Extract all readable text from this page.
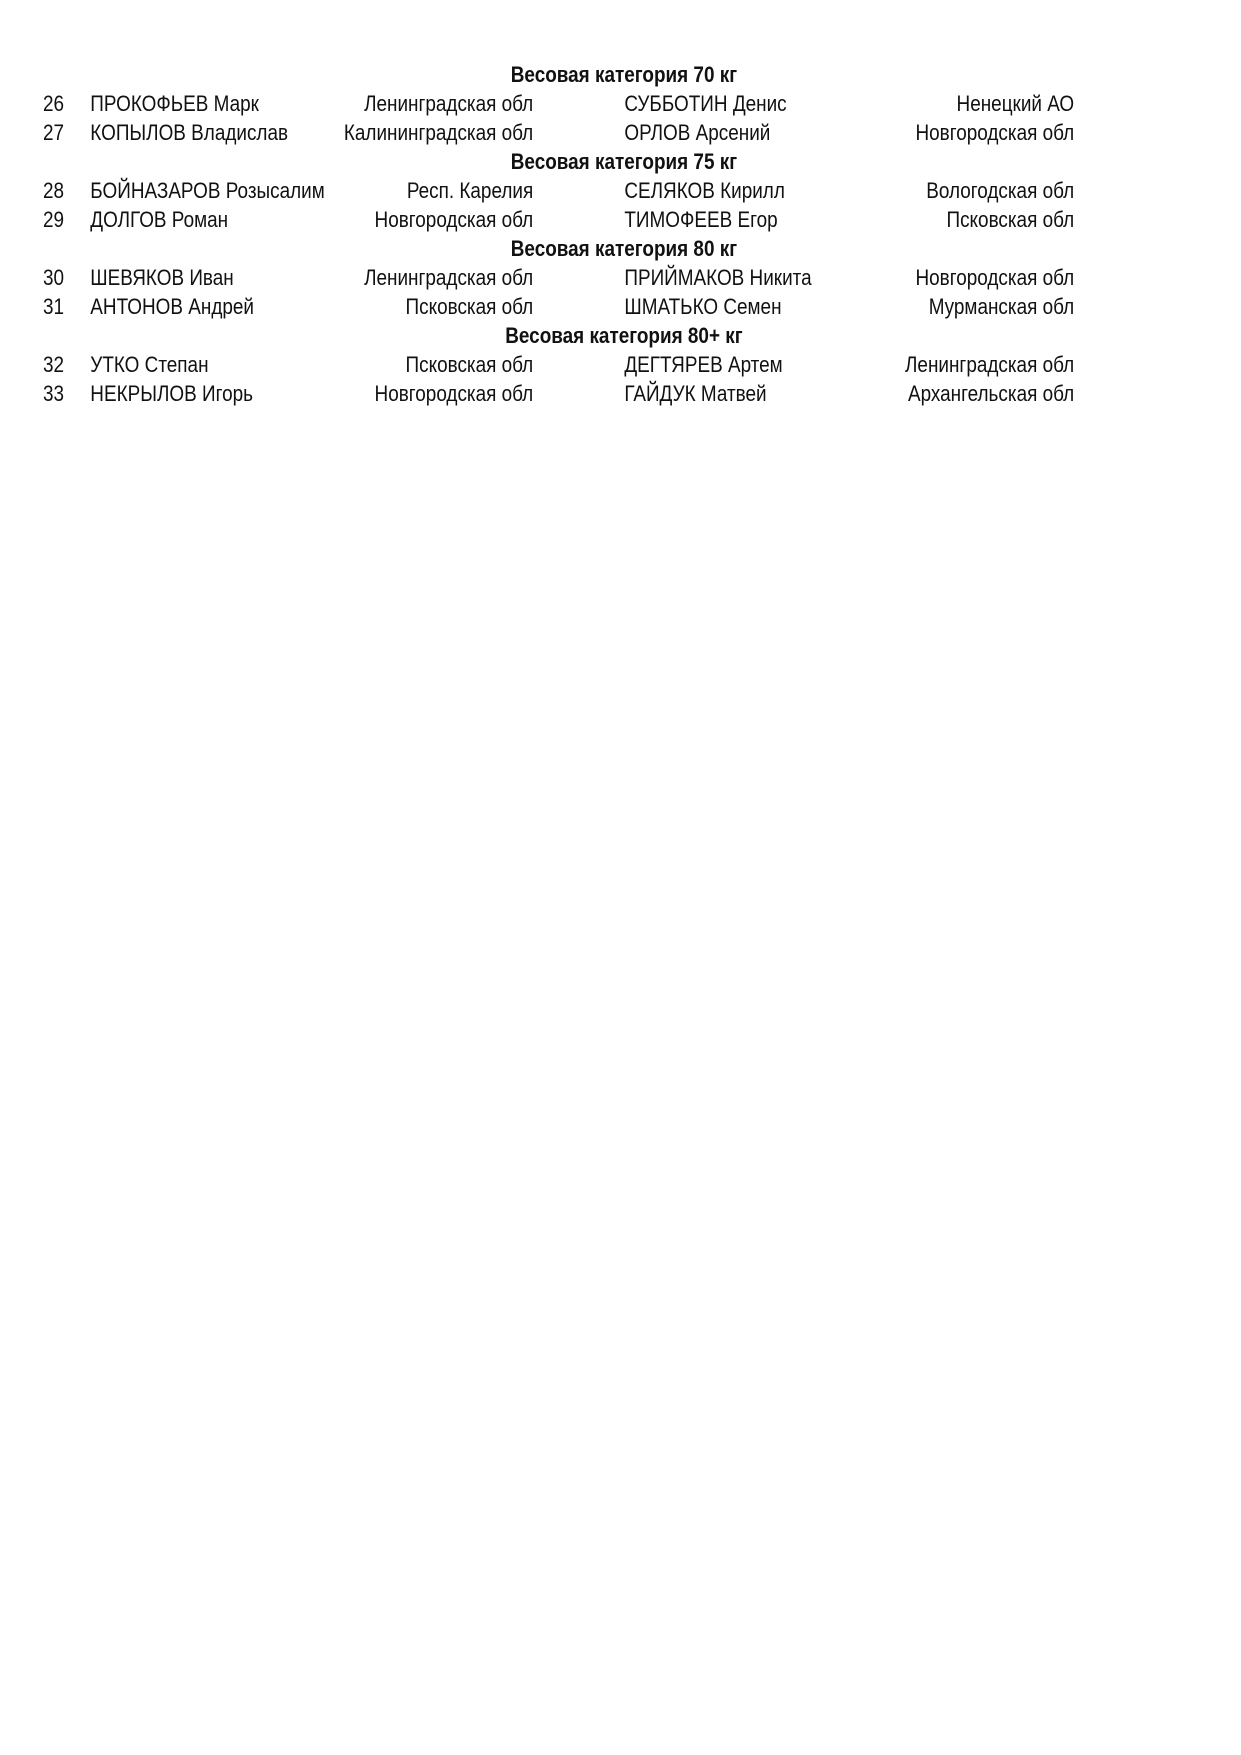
Весовая категория 70 кг
26 ПРОКОФЬЕВ Марк	Ленинградская обл	СУББОТИН Денис	Ненецкий АО
27 КОПЫЛОВ Владислав	Калининградская обл	ОРЛОВ Арсений	Новгородская обл
Весовая категория 75 кг
28 БОЙНАЗАРОВ Розысалим	Респ. Карелия	СЕЛЯКОВ Кирилл	Вологодская обл
29 ДОЛГОВ Роман	Новгородская обл	ТИМОФЕЕВ Егор	Псковская обл
Весовая категория 80 кг
30 ШЕВЯКОВ Иван	Ленинградская обл	ПРИЙМАКОВ Никита	Новгородская обл
31 АНТОНОВ Андрей	Псковская обл	ШМАТЬКО Семен	Мурманская обл
Весовая категория 80+ кг
32 УТКО Степан	Псковская обл	ДЕГТЯРЕВ Артем	Ленинградская обл
33 НЕКРЫЛОВ Игорь	Новгородская обл	ГАЙДУК Матвей	Архангельская обл
